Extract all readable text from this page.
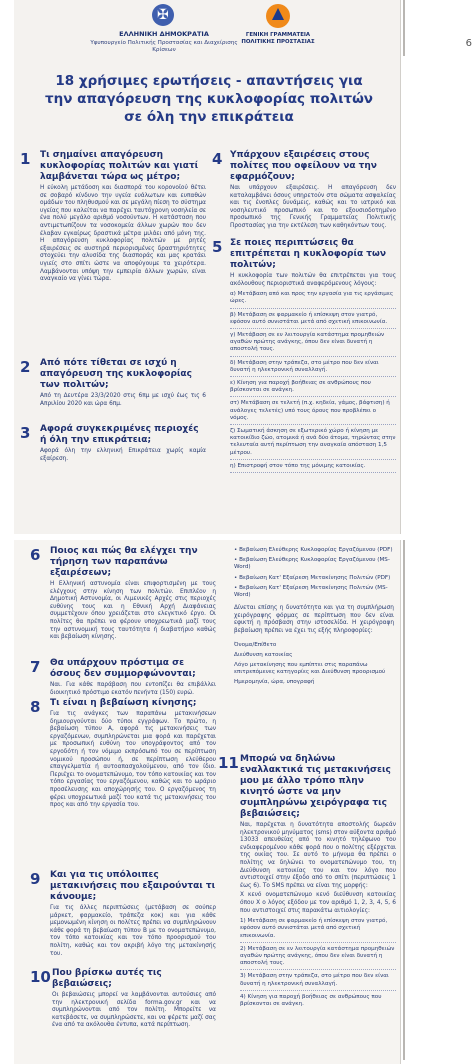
6
✠
ΕΛΛΗΝΙΚΗ ΔΗΜΟΚΡΑΤΙΑ
Υφυπουργείο Πολιτικής Προστασίας και Διαχείρισης Κρίσεων
ΓΕΝΙΚΗ ΓΡΑΜΜΑΤΕΙΑ ΠΟΛΙΤΙΚΗΣ ΠΡΟΣΤΑΣΙΑΣ
18 χρήσιμες ερωτήσεις - απαντήσεις για την απαγόρευση της κυκλοφορίας πολιτών σε όλη την επικράτεια
1 Τι σημαίνει απαγόρευση κυκλοφορίας πολιτών και γιατί λαμβάνεται τώρα ως μέτρο;
Η εύκολη μετάδοση και διασπορά του κορονοϊού θέτει σε σοβαρό κίνδυνο την υγεία ευάλωτων και ευπαθών ομάδων του πληθυσμού και σε μεγάλη πίεση το σύστημα υγείας που καλείται να παρέχει ταυτόχρονη νοσηλεία σε ένα πολύ μεγάλο αριθμό νοσούντων. Η κατάσταση που αντιμετωπίζουν τα νοσοκομεία άλλων χωρών που δεν έλαβαν εγκαίρως δραστικά μέτρα μιλάει από μόνη της. Η απαγόρευση κυκλοφορίας πολιτών με ρητές εξαιρέσεις σε αυστηρά περιορισμένες δραστηριότητες στοχεύει την αλυσίδα της διασποράς και μας κρατάει υγιείς στο σπίτι ώστε να αποφύγουμε τα χειρότερα. Λαμβάνονται υπόψη την εμπειρία άλλων χωρών, είναι αναγκαίο να γίνει τώρα.
2 Από πότε τίθεται σε ισχύ η απαγόρευση της κυκλοφορίας των πολιτών;
Από τη Δευτέρα 23/3/2020 στις 6πμ με ισχύ έως τις 6 Απριλίου 2020 και ώρα 6πμ.
3 Αφορά συγκεκριμένες περιοχές ή όλη την επικράτεια;
Αφορά όλη την ελληνική Επικράτεια χωρίς καμία εξαίρεση.
4 Υπάρχουν εξαιρέσεις στους πολίτες που οφείλουν να την εφαρμόζουν;
Ναι υπάρχουν εξαιρέσεις. Η απαγόρευση δεν καταλαμβάνει όσους υπηρετούν στα σώματα ασφαλείας και τις ένοπλες δυνάμεις, καθώς και το ιατρικό και νοσηλευτικό προσωπικό και το εξουσιοδοτημένο προσωπικό της Γενικής Γραμματείας Πολιτικής Προστασίας για την εκτέλεση των καθηκόντων τους.
5 Σε ποιες περιπτώσεις θα επιτρέπεται η κυκλοφορία των πολιτών;
Η κυκλοφορία των πολιτών θα επιτρέπεται για τους ακόλουθους περιοριστικά αναφερόμενους λόγους:
α) Μετάβαση από και προς την εργασία για τις εργάσιμες ώρες.
β) Μετάβαση σε φαρμακείο ή επίσκεψη στον γιατρό, εφόσον αυτό συνιστάται μετά από σχετική επικοινωνία.
γ) Μετάβαση σε εν λειτουργία κατάστημα προμηθειών αγαθών πρώτης ανάγκης, όπου δεν είναι δυνατή η αποστολή τους.
δ) Μετάβαση στην τράπεζα, στο μέτρο που δεν είναι δυνατή η ηλεκτρονική συναλλαγή.
ε) Κίνηση για παροχή βοήθειας σε ανθρώπους που βρίσκονται σε ανάγκη.
στ) Μετάβαση σε τελετή (π.χ. κηδεία, γάμος, βάφτιση) ή ανάλογες τελετές) υπό τους όρους που προβλέπει ο νόμος.
ζ) Σωματική άσκηση σε εξωτερικό χώρο ή κίνηση με κατοικίδιο ζώο, ατομικά ή ανά δύο άτομα, τηρώντας στην τελευταία αυτή περίπτωση την αναγκαία απόσταση 1,5 μέτρου.
η) Επιστροφή στον τόπο της μόνιμης κατοικίας.
6 Ποιος και πώς θα ελέγχει την τήρηση των παραπάνω εξαιρέσεων;
Η Ελληνική αστυνομία είναι επιφορτισμένη με τους ελέγχους στην κίνηση των πολιτών. Επιπλέον η Δημοτική Αστυνομία, οι Λιμενικές Αρχές στις περιοχές ευθύνης τους και η Εθνική Αρχή Διαφάνειας συμμετέχουν όπου χρειάζεται στο ελεγκτικό έργο. Οι πολίτες θα πρέπει να φέρουν υποχρεωτικά μαζί τους την αστυνομική τους ταυτότητα ή διαβατήριο καθώς και βεβαίωση κίνησης.
7 Θα υπάρχουν πρόστιμα σε όσους δεν συμμορφώνονται;
Ναι. Για κάθε παράβαση που εντοπίζει θα επιβάλλει διοικητικό πρόστιμο εκατόν πενήντα (150) ευρώ.
8 Τι είναι η βεβαίωση κίνησης;
Για τις ανάγκες των παραπάνω μετακινήσεων δημιουργούνται δύο τύποι εγγράφων. Το πρώτο, η βεβαίωση τύπου Α, αφορά τις μετακινήσεις των εργαζόμενων, συμπληρώνεται μια φορά και παρέχεται με προσωπική ευθύνη του υπογράφοντος από τον εργοδότη ή τον νόμιμο εκπρόσωπό του σε περίπτωση νομικού προσώπου ή, σε περίπτωση ελεύθερου επαγγελματία ή αυτοαπασχολούμενου, από τον ίδιο. Περιέχει το ονοματεπώνυμο, τον τόπο κατοικίας και τον τόπο εργασίας του εργαζόμενου, καθώς και το ωράριο προσέλευσης και αποχώρησής του. Ο εργαζόμενος τη φέρει υποχρεωτικά μαζί του κατά τις μετακινήσεις του προς και από την εργασία του.
9 Και για τις υπόλοιπες μετακινήσεις που εξαιρούνται τι κάνουμε;
Για τις άλλες περιπτώσεις (μετάβαση σε σούπερ μάρκετ, φαρμακείο, τράπεζα κοκ) και για κάθε μεμονωμένη κίνηση οι πολίτες πρέπει να συμπληρώνουν κάθε φορά τη βεβαίωση τύπου Β με το ονοματεπώνυμο, τον τόπο κατοικίας και τον τόπο προορισμού του πολίτη, καθώς και τον ακριβή λόγο της μετακίνησής του.
10 Που βρίσκω αυτές τις βεβαιώσεις;
Οι βεβαιώσεις μπορεί να λαμβάνονται αυτούσιες από την ηλεκτρονική σελίδα forma.gov.gr και να συμπληρώνονται από τον πολίτη. Μπορείτε να κατεβάσετε, να συμπληρώσετε, και να φέρετε μαζί σας ένα από τα ακόλουθα έντυπα, κατά περίπτωση.
• Βεβαίωση Ελεύθερης Κυκλοφορίας Εργαζόμενου (PDF)
• Βεβαίωση Ελεύθερης Κυκλοφορίας Εργαζόμενου (MS-Word)
• Βεβαίωση Κατ' Εξαίρεση Μετακίνησης Πολιτών (PDF)
• Βεβαίωση Κατ' Εξαίρεση Μετακίνησης Πολιτών (MS-Word)
Δίνεται επίσης η δυνατότητα και για τη συμπλήρωση χειρόγραφης φόρμας σε περίπτωση που δεν είναι εφικτή η πρόσβαση στην ιστοσελίδα. Η χειρόγραφη βεβαίωση πρέπει να έχει τις εξής πληροφορίες:
Όνομα/Επίθετο
Διεύθυνση κατοικίας
Λόγο μετακίνησης που εμπίπτει στις παραπάνω επιτρεπόμενες κατηγορίες και Διεύθυνση προορισμού
Ημερομηνία, ώρα, υπογραφή
11 Μπορώ να δηλώνω εναλλακτικά τις μετακινήσεις μου με άλλο τρόπο πλην κινητό ώστε να μην συμπληρώνω χειρόγραφα τις βεβαιώσεις;
Ναι, παρέχεται η δυνατότητα αποστολής δωρεάν ηλεκτρονικού μηνύματος (sms) στον αύξοντα αριθμό 13033 απευθείας από το κινητό τηλέφωνο του ενδιαφερομένου κάθε φορά που ο πολίτης εξέρχεται της οικίας του. Σε αυτό το μήνυμα θα πρέπει ο πολίτης να δηλώνει το ονοματεπώνυμο του, τη Διεύθυνση κατοικίας του και τον λόγο που αντιστοιχεί στην έξοδο από το σπίτι (περιπτώσεις 1 έως 6). Το SMS πρέπει να είναι της μορφής:
Χ κενό ονοματεπώνυμο κενό διεύθυνση κατοικίας όπου Χ ο λόγος εξόδου με τον αριθμό 1, 2, 3, 4, 5, 6 που αντιστοιχεί στις παρακάτω αιτιολογίες:
1) Μετάβαση σε φαρμακείο ή επίσκεψη στον γιατρό, εφόσον αυτό συνιστάται μετά από σχετική επικοινωνία.
2) Μετάβαση σε εν λειτουργία κατάστημα προμηθειών αγαθών πρώτης ανάγκης, όπου δεν είναι δυνατή η αποστολή τους.
3) Μετάβαση στην τράπεζα, στο μέτρο που δεν είναι δυνατή η ηλεκτρονική συναλλαγή.
4) Κίνηση για παροχή βοήθειας σε ανθρώπους που βρίσκονται σε ανάγκη.
